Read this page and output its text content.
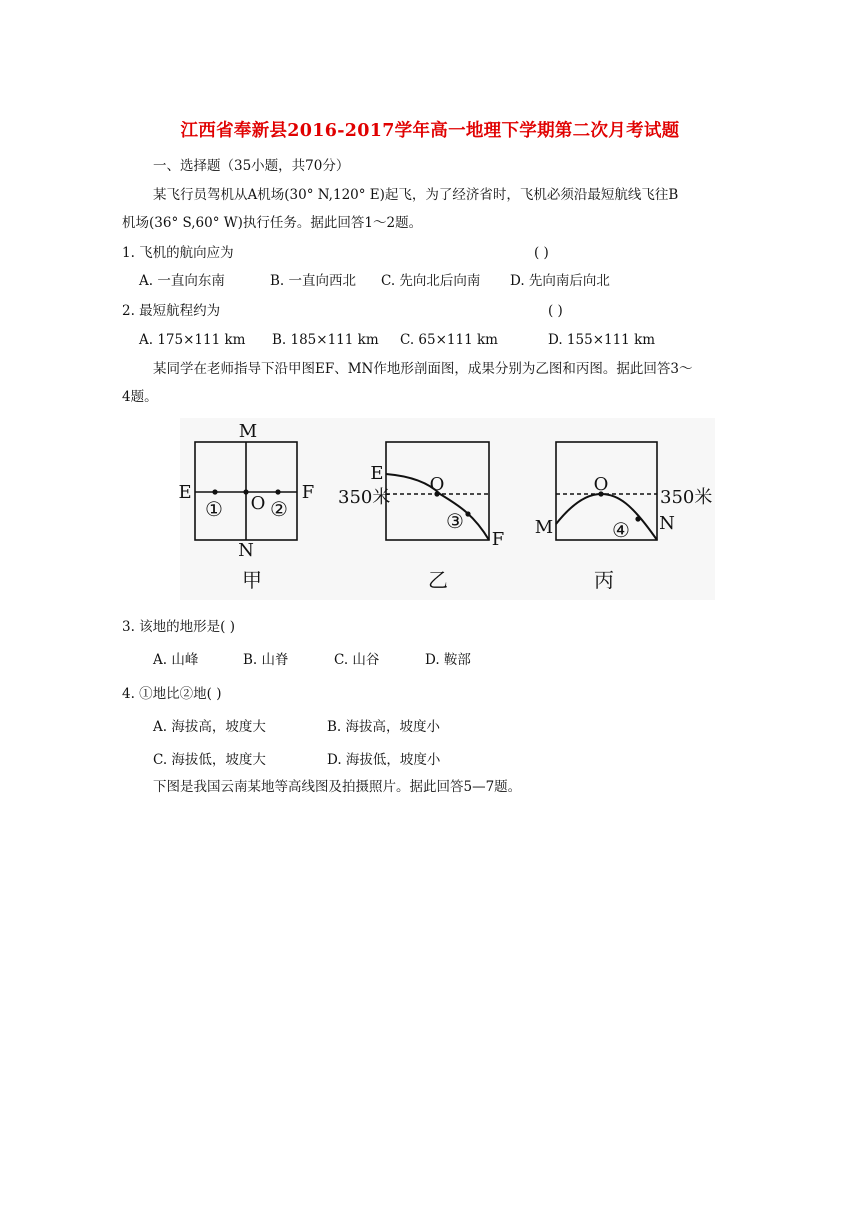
江西省奉新县2016-2017学年高一地理下学期第二次月考试题
一、选择题（35小题，共70分）
某飞行员驾机从A机场(30° N,120° E)起飞，为了经济省时，飞机必须沿最短航线飞往B
机场(36° S,60° W)执行任务。据此回答1～2题。
1. 飞机的航向应为	( )
A. 一直向东南	B. 一直向西北 C. 先向北后向南 D. 先向南后向北
2. 最短航程约为	( )
A. 175×111 km B. 185×111 km C. 65×111 km	D. 155×111 km
某同学在老师指导下沿甲图EF、MN作地形剖面图，成果分别为乙图和丙图。据此回答3～
4题。
M
N
E	F
O
① ②
甲
E
F
O
③
350米
乙
M	N
O
④
350米
丙
3. 该地的地形是( )
A. 山峰	B. 山脊	C. 山谷	D. 鞍部
4. ①地比②地( )
A. 海拔高，坡度大	B. 海拔高，坡度小
C. 海拔低，坡度大	D. 海拔低，坡度小
下图是我国云南某地等高线图及拍摄照片。据此回答5—7题。
